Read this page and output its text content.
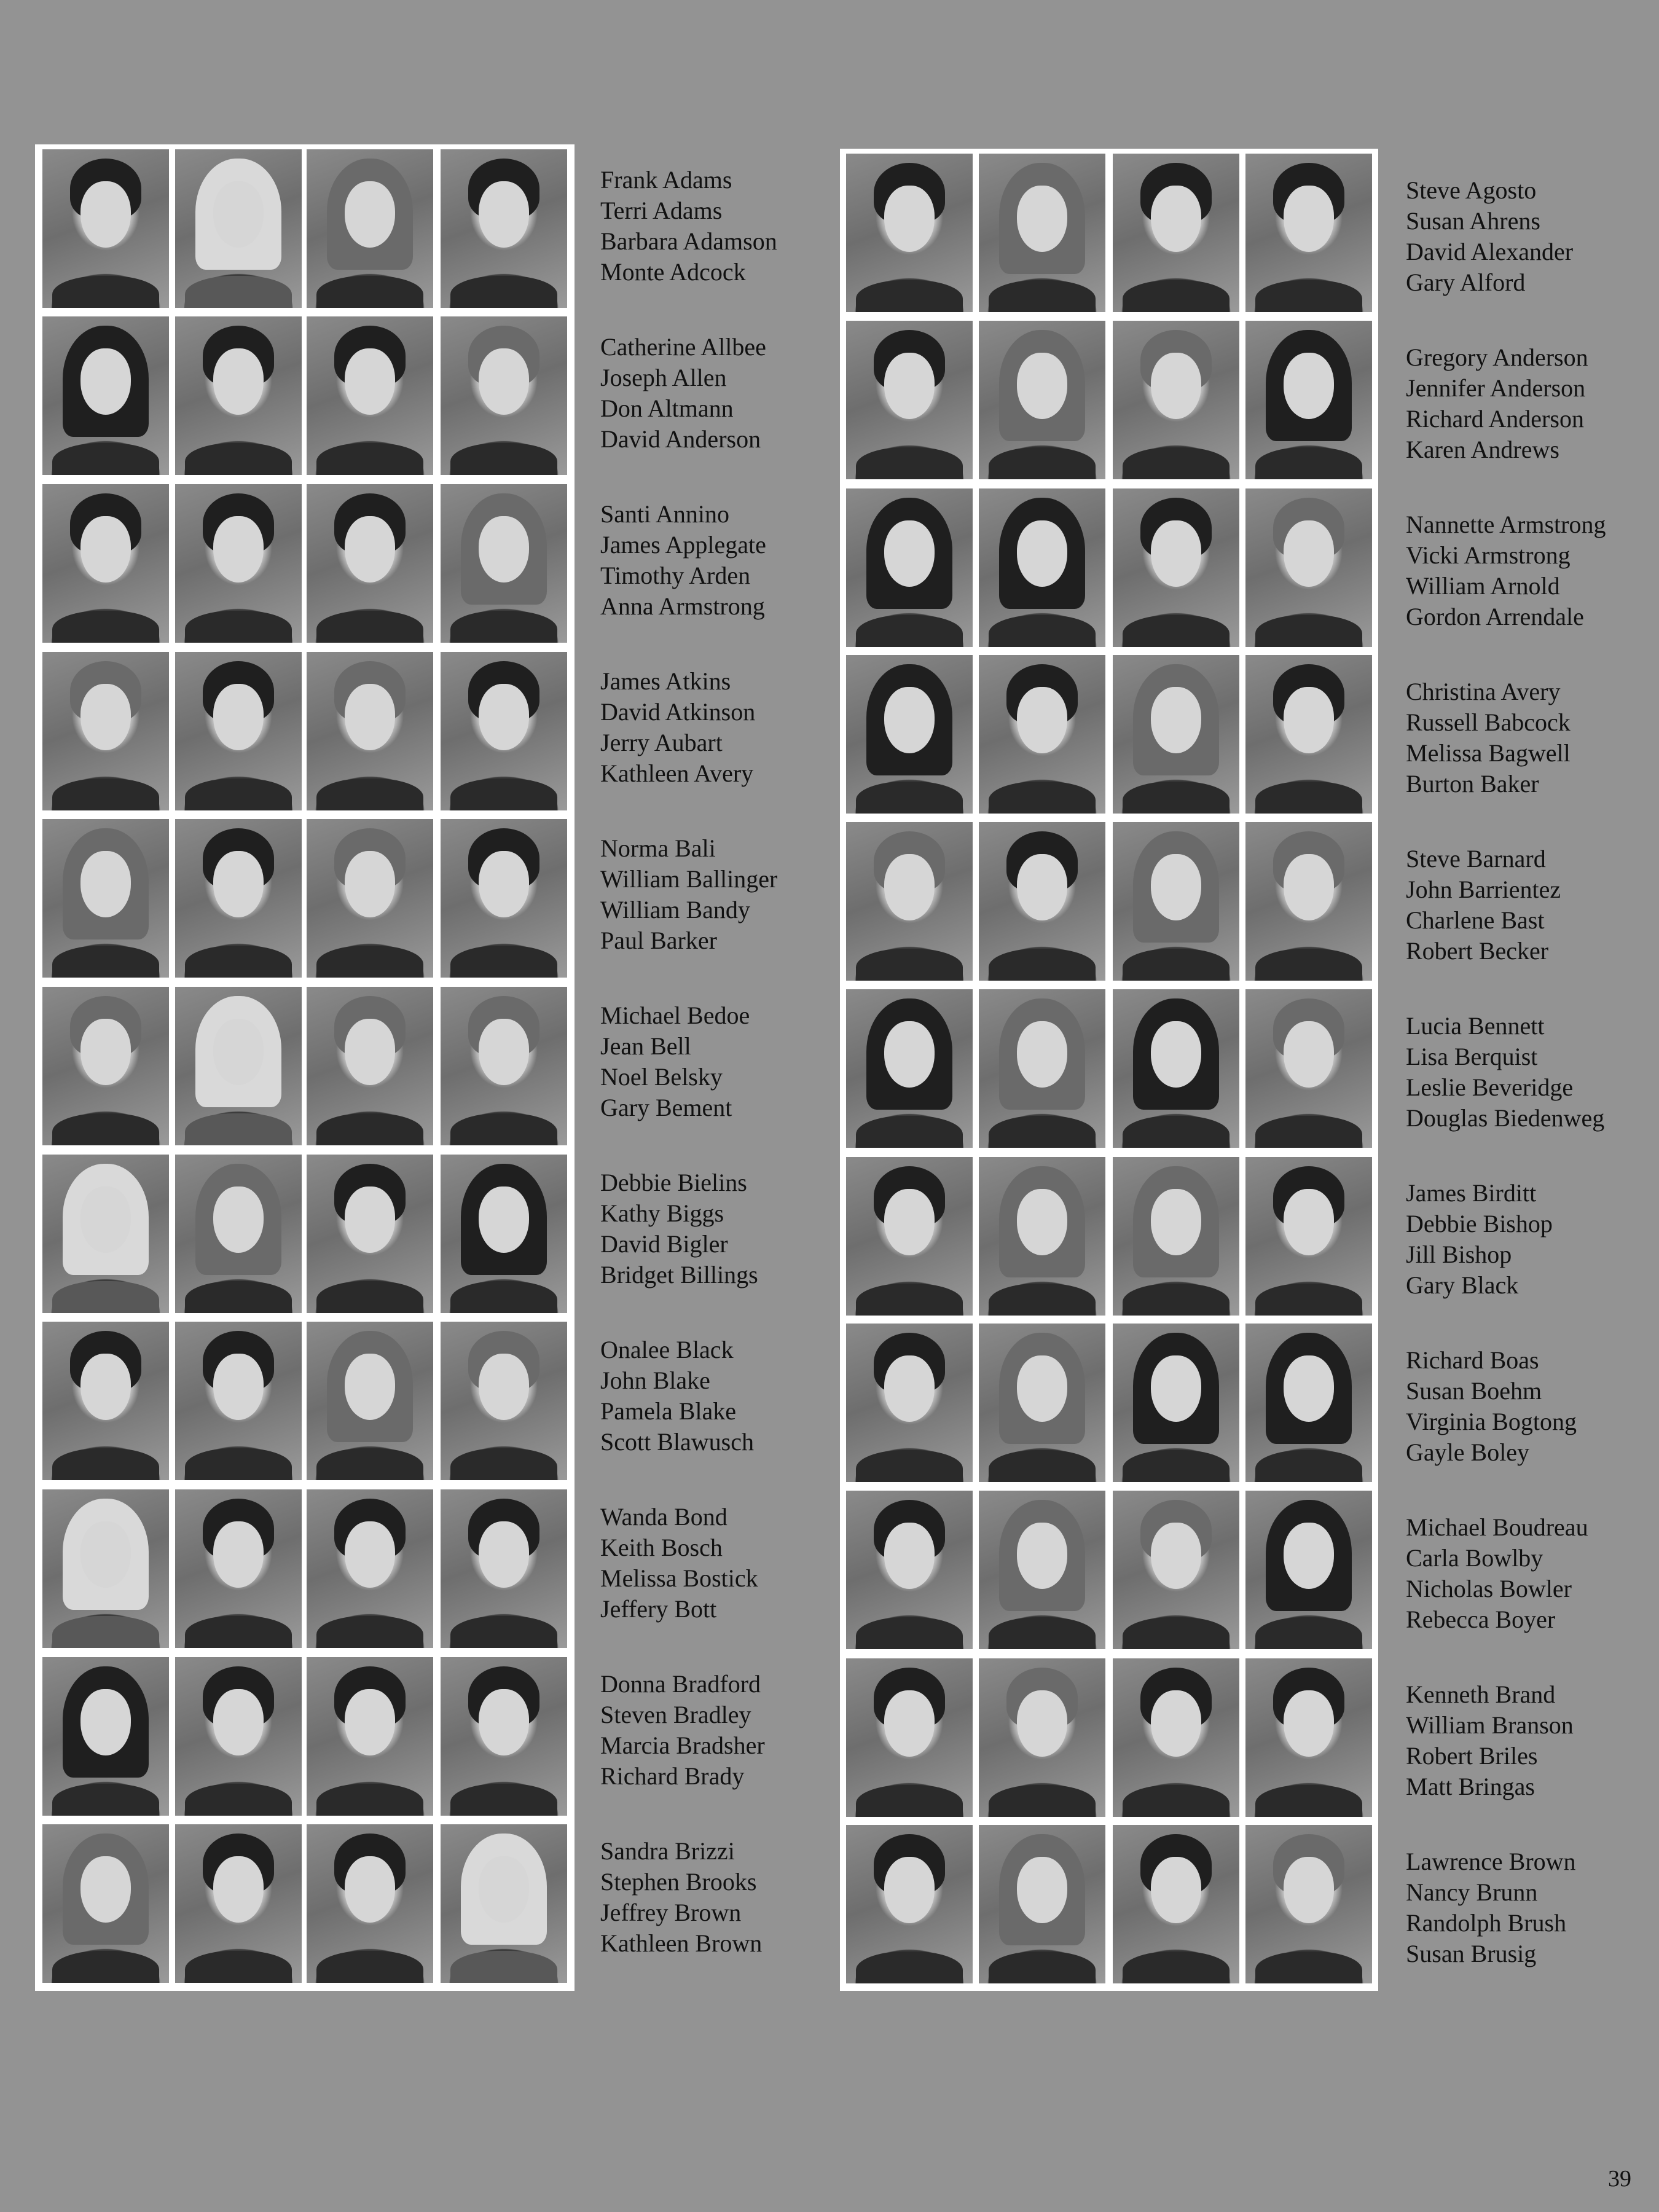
Frank Adams
Terri Adams
Barbara Adamson
Monte Adcock
Catherine Allbee
Joseph Allen
Don Altmann
David Anderson
Santi Annino
James Applegate
Timothy Arden
Anna Armstrong
James Atkins
David Atkinson
Jerry Aubart
Kathleen Avery
Norma Bali
William Ballinger
William Bandy
Paul Barker
Michael Bedoe
Jean Bell
Noel Belsky
Gary Bement
Debbie Bielins
Kathy Biggs
David Bigler
Bridget Billings
Onalee Black
John Blake
Pamela Blake
Scott Blawusch
Wanda Bond
Keith Bosch
Melissa Bostick
Jeffery Bott
Donna Bradford
Steven Bradley
Marcia Bradsher
Richard Brady
Sandra Brizzi
Stephen Brooks
Jeffrey Brown
Kathleen Brown
Steve Agosto
Susan Ahrens
David Alexander
Gary Alford
Gregory Anderson
Jennifer Anderson
Richard Anderson
Karen Andrews
Nannette Armstrong
Vicki Armstrong
William Arnold
Gordon Arrendale
Christina Avery
Russell Babcock
Melissa Bagwell
Burton Baker
Steve Barnard
John Barrientez
Charlene Bast
Robert Becker
Lucia Bennett
Lisa Berquist
Leslie Beveridge
Douglas Biedenweg
James Birditt
Debbie Bishop
Jill Bishop
Gary Black
Richard Boas
Susan Boehm
Virginia Bogtong
Gayle Boley
Michael Boudreau
Carla Bowlby
Nicholas Bowler
Rebecca Boyer
Kenneth Brand
William Branson
Robert Briles
Matt Bringas
Lawrence Brown
Nancy Brunn
Randolph Brush
Susan Brusig
39
